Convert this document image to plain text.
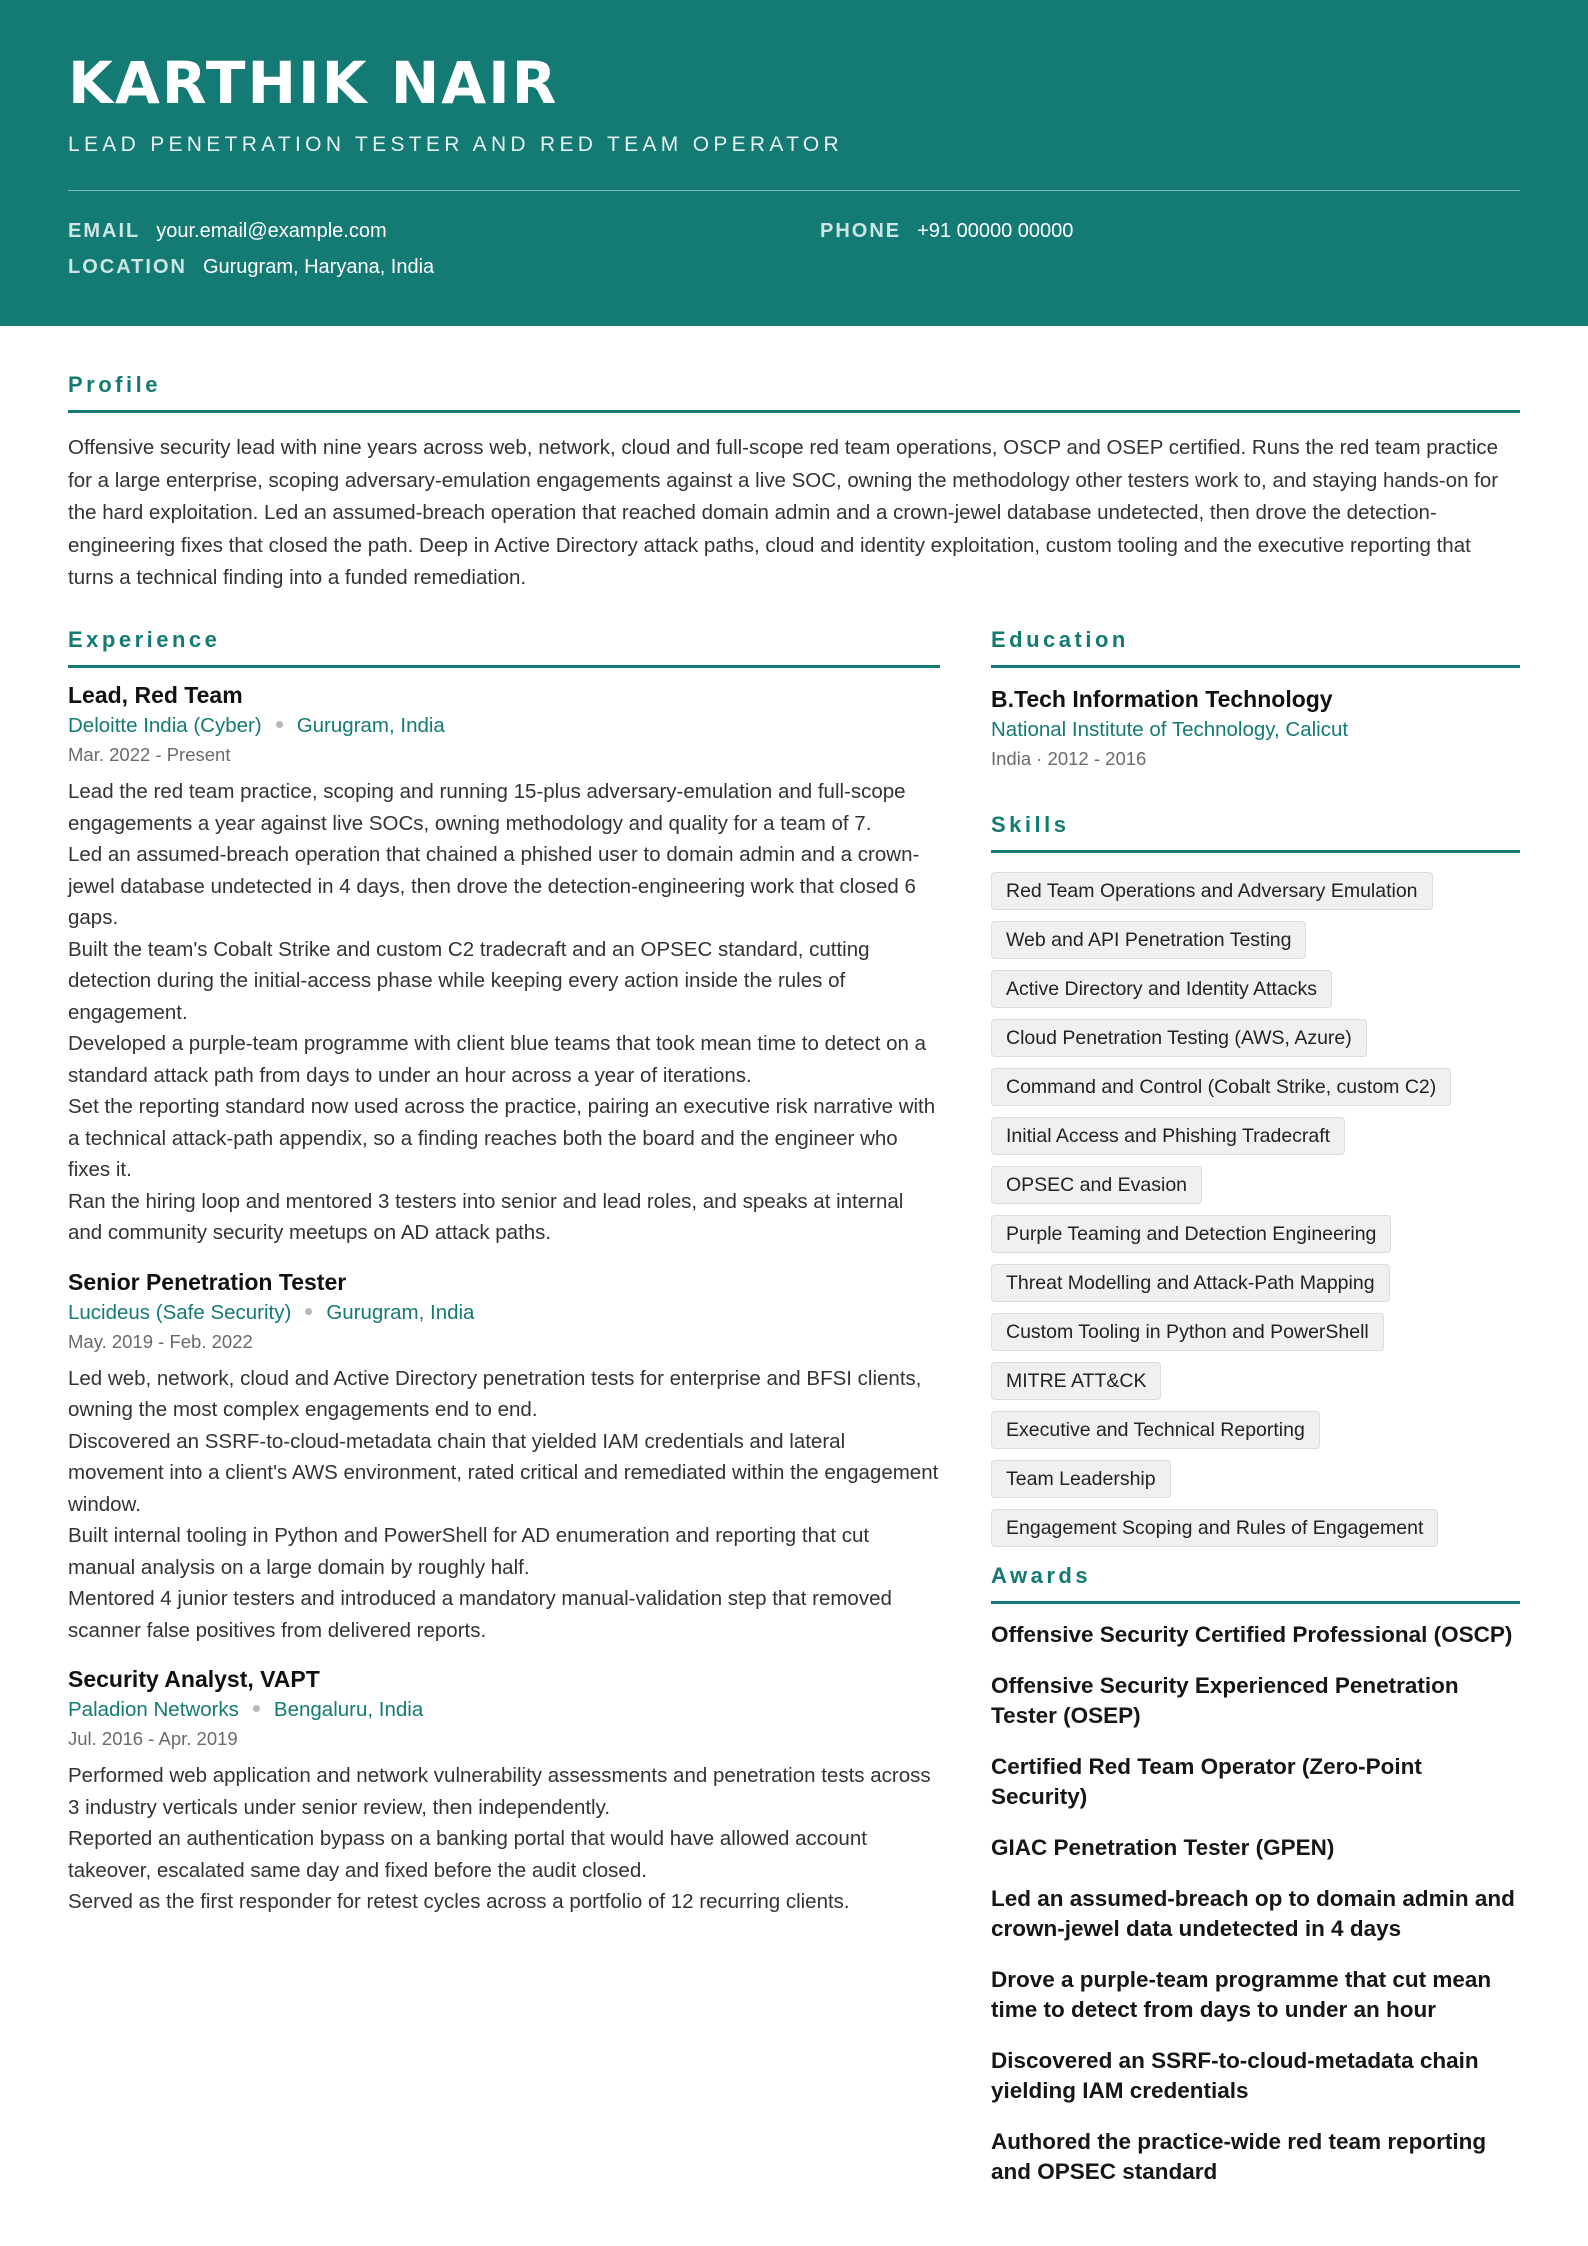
KARTHIK NAIR
LEAD PENETRATION TESTER AND RED TEAM OPERATOR
EMAIL your.email@example.com	PHONE +91 00000 00000
LOCATION Gurugram, Haryana, India
Profile

Offensive security lead with nine years across web, network, cloud and full-scope red team operations, OSCP and OSEP certified. Runs the red team practice for a large enterprise, scoping adversary-emulation engagements against a live SOC, owning the methodology other testers work to, and staying hands-on for the hard exploitation. Led an assumed-breach operation that reached domain admin and a crown-jewel database undetected, then drove the detection-engineering fixes that closed the path. Deep in Active Directory attack paths, cloud and identity exploitation, custom tooling and the executive reporting that turns a technical finding into a funded remediation.

Experience
Lead, Red Team
Deloitte India (Cyber) Gurugram, India
Mar. 2022 - Present
Lead the red team practice, scoping and running 15-plus adversary-emulation and full-scope engagements a year against live SOCs, owning methodology and quality for a team of 7.
Led an assumed-breach operation that chained a phished user to domain admin and a crown-jewel database undetected in 4 days, then drove the detection-engineering work that closed 6 gaps.
Built the team's Cobalt Strike and custom C2 tradecraft and an OPSEC standard, cutting detection during the initial-access phase while keeping every action inside the rules of engagement.
Developed a purple-team programme with client blue teams that took mean time to detect on a standard attack path from days to under an hour across a year of iterations.
Set the reporting standard now used across the practice, pairing an executive risk narrative with a technical attack-path appendix, so a finding reaches both the board and the engineer who fixes it.
Ran the hiring loop and mentored 3 testers into senior and lead roles, and speaks at internal and community security meetups on AD attack paths.
Senior Penetration Tester
Lucideus (Safe Security) Gurugram, India
May. 2019 - Feb. 2022
Led web, network, cloud and Active Directory penetration tests for enterprise and BFSI clients, owning the most complex engagements end to end.
Discovered an SSRF-to-cloud-metadata chain that yielded IAM credentials and lateral movement into a client's AWS environment, rated critical and remediated within the engagement window.
Built internal tooling in Python and PowerShell for AD enumeration and reporting that cut manual analysis on a large domain by roughly half.
Mentored 4 junior testers and introduced a mandatory manual-validation step that removed scanner false positives from delivered reports.
Security Analyst, VAPT
Paladion Networks Bengaluru, India
Jul. 2016 - Apr. 2019
Performed web application and network vulnerability assessments and penetration tests across 3 industry verticals under senior review, then independently.
Reported an authentication bypass on a banking portal that would have allowed account takeover, escalated same day and fixed before the audit closed.
Served as the first responder for retest cycles across a portfolio of 12 recurring clients.
Education
B.Tech Information Technology
National Institute of Technology, Calicut
India · 2012 - 2016
Skills
Red Team Operations and Adversary Emulation
Web and API Penetration Testing
Active Directory and Identity Attacks
Cloud Penetration Testing (AWS, Azure)
Command and Control (Cobalt Strike, custom C2)
Initial Access and Phishing Tradecraft
OPSEC and Evasion
Purple Teaming and Detection Engineering
Threat Modelling and Attack-Path Mapping
Custom Tooling in Python and PowerShell
MITRE ATT&CK
Executive and Technical Reporting
Team Leadership
Engagement Scoping and Rules of Engagement
Awards
Offensive Security Certified Professional (OSCP)
Offensive Security Experienced Penetration Tester (OSEP)
Certified Red Team Operator (Zero-Point Security)
GIAC Penetration Tester (GPEN)
Led an assumed-breach op to domain admin and crown-jewel data undetected in 4 days
Drove a purple-team programme that cut mean time to detect from days to under an hour
Discovered an SSRF-to-cloud-metadata chain yielding IAM credentials
Authored the practice-wide red team reporting and OPSEC standard
